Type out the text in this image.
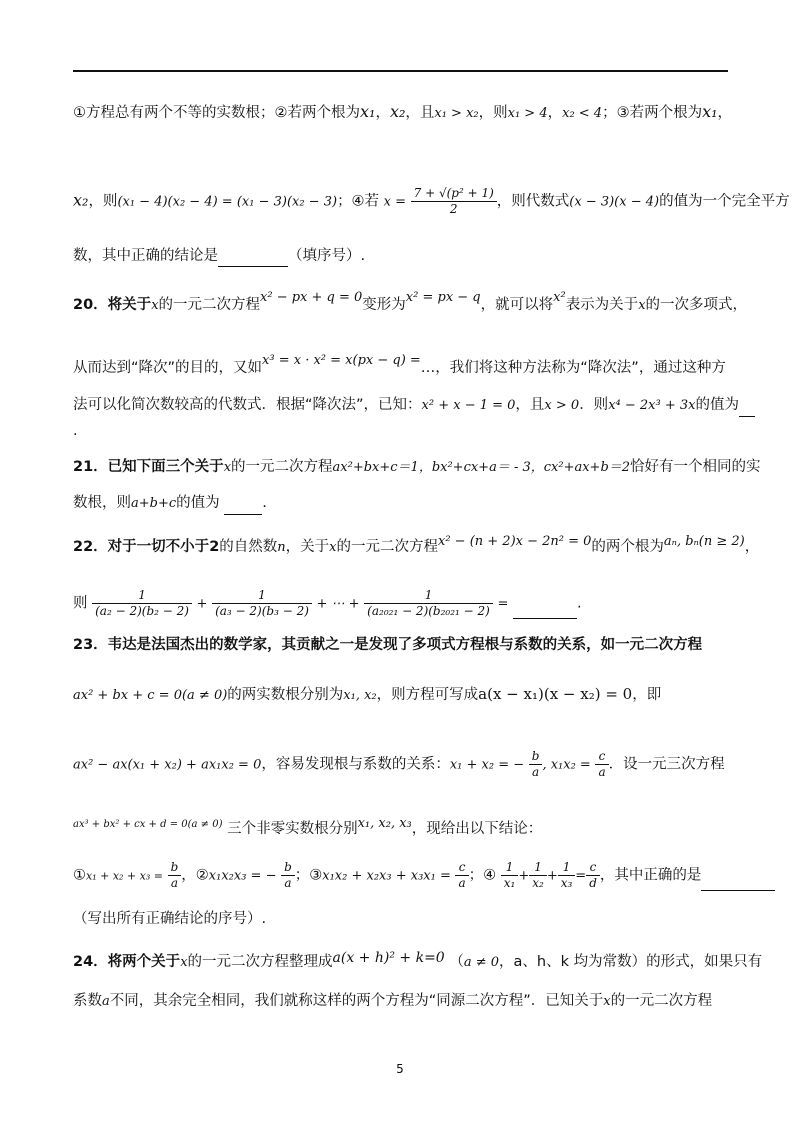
①方程总有两个不等的实数根；②若两个根为x₁，x₂，且x₁ > x₂，则x₁ > 4，x₂ < 4；③若两个根为x₁，
x₂，则(x₁ − 4)(x₂ − 4) = (x₁ − 3)(x₂ − 3)；④若 $x = \frac{\text{7 + √(p² + 1)}}{2}$ ，则代数式(x − 3)(x − 4)的值为一个完全平方
数，其中正确的结论是	（填序号）.
20．将关于x的一元二次方程x² − px + q = 0变形为x² = px − q，就可以将x²表示为关于x的一次多项式，
从而达到“降次”的目的，又如x³ = x · x² = x(px − q) =…，我们将这种方法称为“降次法”，通过这种方
法可以化简次数较高的代数式．根据“降次法”，已知：x² + x − 1 = 0，且x > 0．则x⁴ − 2x³ + 3x的值为
.
21．已知下面三个关于x的一元二次方程ax²+bx+c＝1，bx²+cx+a＝ - 3，cx²+ax+b＝2恰好有一个相同的实
数根，则a+b+c的值为	.
22．对于一切不小于2的自然数n，关于x的一元二次方程x² − (n + 2)x − 2n² = 0的两个根为aₙ, bₙ(n ≥ 2)，
则 $\frac{1}{\text{(a₂ − 2)(b₂ − 2)}} + \frac{1}{\text{(a₃ − 2)(b₃ − 2)}}$ + ⋯ + $\frac{1}{\text{(a₂₀₂₁ − 2)(b₂₀₂₁ − 2)}}$ =	.
23．韦达是法国杰出的数学家，其贡献之一是发现了多项式方程根与系数的关系，如一元二次方程
ax² + bx + c = 0(a ≠ 0)的两实数根分别为x₁, x₂，则方程可写成a(x − x₁)(x − x₂) = 0，即
ax² − ax(x₁ + x₂) + ax₁x₂ = 0，容易发现根与系数的关系：x₁ + x₂ = − $\frac{b}{a}$ , $x_1x_2 = \frac{c}{a}$ ．设一元三次方程
$^{ax^3 + bx^2 + cx + d = 0(a \ne 0)}$ 三个非零实数根分别x₁, x₂, x₃，现给出以下结论：
①x₁ + $x_2 + x_3 = \frac{b}{a}$ ，②x₁x₂x₃ = − $\frac{b}{a}$ ；③x₁x₂ + $x_2x_3 + x_3x_1 = \frac{c}{a}$ ；④ $\frac{1}{\text{x₁}} + \frac{1}{\text{x₂}} + \frac{1}{\text{x₃}} = \frac{c}{d}$ ，其中正确的是
（写出所有正确结论的序号）.
24．将两个关于x的一元二次方程整理成a(x + h)² + k=0 （a ≠ 0，a、h、k 均为常数）的形式，如果只有
系数a不同，其余完全相同，我们就称这样的两个方程为“同源二次方程”．已知关于x的一元二次方程
5
